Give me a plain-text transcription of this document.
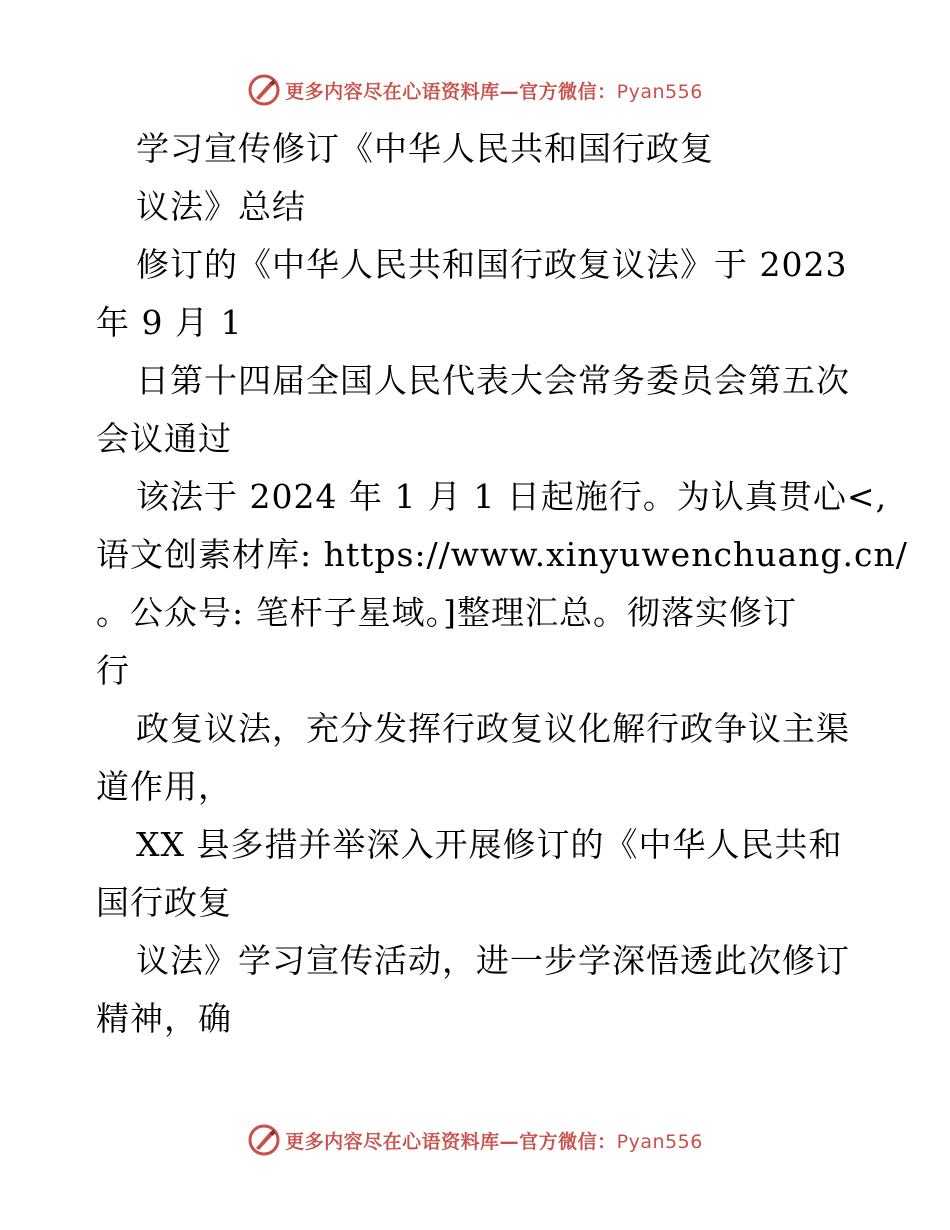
更多内容尽在心语资料库—官方微信：Pyan556
学习宣传修订《中华人民共和国行政复
议法》总结
修订的《中华人民共和国行政复议法》于 2023
年 9 月 1
日第十四届全国人民代表大会常务委员会第五次
会议通过
该法于 2024 年 1 月 1 日起施行。为认真贯心<,
语文创素材库: https://www.xinyuwenchuang.cn/
。公众号: 笔杆子星域。]整理汇总。彻落实修订
行
政复议法，充分发挥行政复议化解行政争议主渠
道作用，
XX 县多措并举深入开展修订的《中华人民共和
国行政复
议法》学习宣传活动，进一步学深悟透此次修订
精神，确
更多内容尽在心语资料库—官方微信：Pyan556
